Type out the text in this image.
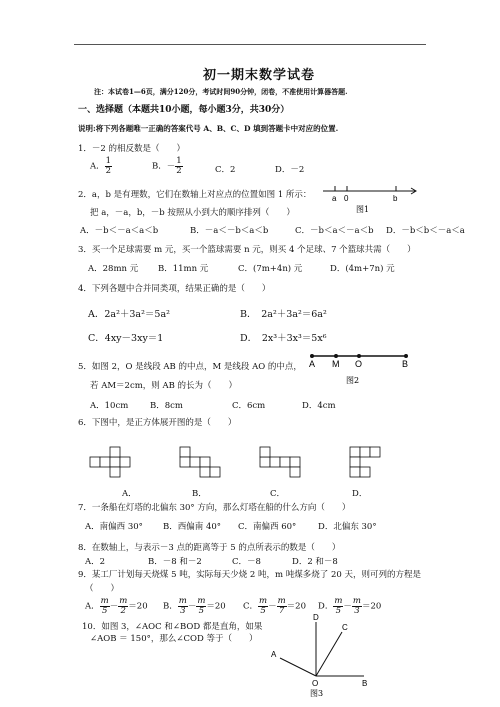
初一期末数学试卷
注：本试卷1—6页，满分120分，考试时间90分钟，闭卷，不准使用计算器答题.
一、选择题（本题共10小题，每小题3分，共30分）
说明:将下列各题唯一正确的答案代号 A、B、C、D 填到答题卡中对应的位置.
1．－2 的相反数是（　　）
A． $\frac{1}{2}$	B．－ $\frac{1}{2}$	C．2	D．－2
2．a，b 是有理数，它们在数轴上对应点的位置如图 1 所示：
把 a，－a，b，－b 按照从小到大的顺序排列（　　）
a 0	b
图1
A．－b＜－a＜a＜b	B．－a＜－b＜a＜b	C．－b＜a＜－a＜b D．－b＜b＜－a＜a
3．买一个足球需要 m 元，买一个篮球需要 n 元，则买 4 个足球、7 个篮球共需（　　）
A．28mn 元 B．11mn 元	C．(7m+4n) 元	D．(4m+7n) 元
4．下列各题中合并同类项，结果正确的是（　　）
A．2a²＋3a²＝5a²	B．　2a²＋3a²＝6a²
C．4xy－3xy＝1	D．　2x³＋3x³＝5x⁶
5．如图 2，O 是线段 AB 的中点，M 是线段 AO 的中点，
若 AM＝2cm，则 AB 的长为（　　）
A M O	B
图2
A．10cm	B．8cm	C．6cm	D．4cm
6．下图中，是正方体展开图的是（　　）
A．	B．	C．	D．
7．一条船在灯塔的北偏东 30° 方向，那么灯塔在船的什么方向（　　）
A．南偏西 30° B．西偏南 40° C．南偏西 60°	D．北偏东 30°
8．在数轴上，与表示－3 点的距离等于 5 的点所表示的数是（　　）
A．2	B．－8 和－2	C．－8	D．2 和－8
9．某工厂计划每天烧煤 5 吨，实际每天少烧 2 吨，m 吨煤多烧了 20 天，则可列的方程是
（　　）
A． $\frac{m}{5} - \frac{m}{2} =20$ B． $\frac{m}{3} - \frac{m}{5} =20$ C． $\frac{m}{5} - \frac{m}{7} =20$ D． $\frac{m}{5} - \frac{m}{3} =20$
10．如图 3，∠AOC 和∠BOD 都是直角，如果
∠AOB ＝ 150°，那么∠COD 等于（　　）
D
C
A
O	B
图3
